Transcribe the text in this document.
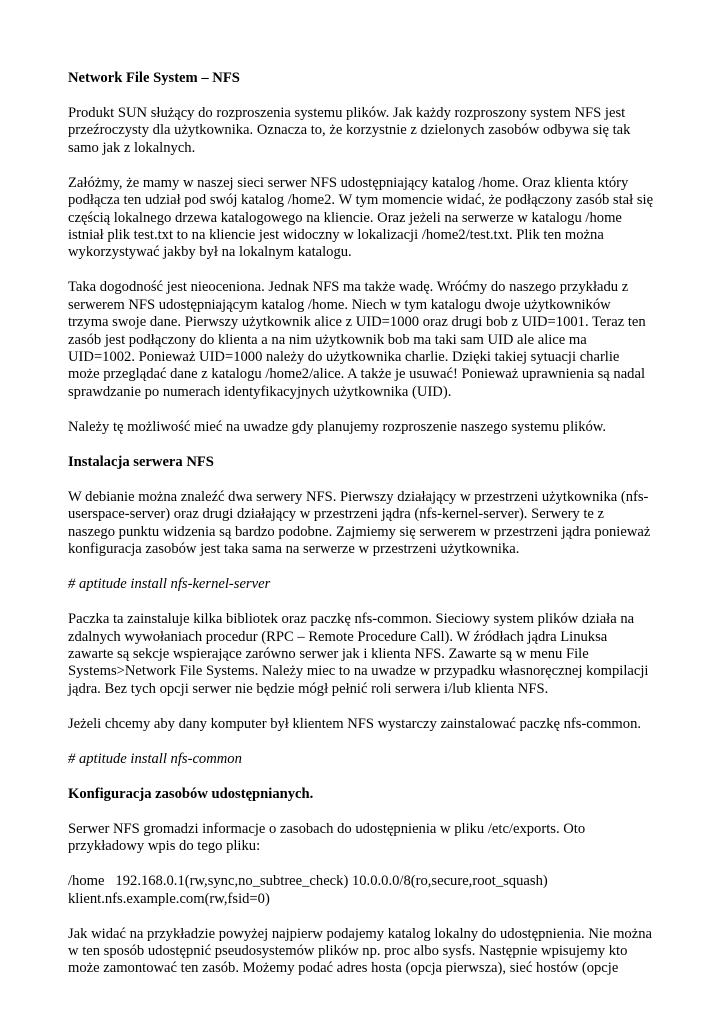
Network File System – NFS
Produkt SUN służący do rozproszenia systemu plików. Jak każdy rozproszony system NFS jest
przeźroczysty dla użytkownika. Oznacza to, że korzystnie z dzielonych zasobów odbywa się tak
samo jak z lokalnych.
Załóżmy, że mamy w naszej sieci serwer NFS udostępniający katalog /home. Oraz klienta który
podłącza ten udział pod swój katalog /home2. W tym momencie widać, że podłączony zasób stał się
częścią lokalnego drzewa katalogowego na kliencie. Oraz jeżeli na serwerze w katalogu /home
istniał plik test.txt to na kliencie jest widoczny w lokalizacji /home2/test.txt. Plik ten można
wykorzystywać jakby był na lokalnym katalogu.
Taka dogodność jest nieoceniona. Jednak NFS ma także wadę. Wróćmy do naszego przykładu z
serwerem NFS udostępniającym katalog /home. Niech w tym katalogu dwoje użytkowników
trzyma swoje dane. Pierwszy użytkownik alice z UID=1000 oraz drugi bob z UID=1001. Teraz ten
zasób jest podłączony do klienta a na nim użytkownik bob ma taki sam UID ale alice ma
UID=1002. Ponieważ UID=1000 należy do użytkownika charlie. Dzięki takiej sytuacji charlie
może przeglądać dane z katalogu /home2/alice. A także je usuwać! Ponieważ uprawnienia są nadal
sprawdzanie po numerach identyfikacyjnych użytkownika (UID).
Należy tę możliwość mieć na uwadze gdy planujemy rozproszenie naszego systemu plików.
Instalacja serwera NFS
W debianie można znaleźć dwa serwery NFS. Pierwszy działający w przestrzeni użytkownika (nfs-
userspace-server) oraz drugi działający w przestrzeni jądra (nfs-kernel-server). Serwery te z
naszego punktu widzenia są bardzo podobne. Zajmiemy się serwerem w przestrzeni jądra ponieważ
konfiguracja zasobów jest taka sama na serwerze w przestrzeni użytkownika.
# aptitude install nfs-kernel-server
Paczka ta zainstaluje kilka bibliotek oraz paczkę nfs-common. Sieciowy system plików działa na
zdalnych wywołaniach procedur (RPC – Remote Procedure Call). W źródłach jądra Linuksa
zawarte są sekcje wspierające zarówno serwer jak i klienta NFS. Zawarte są w menu File
Systems>Network File Systems. Należy miec to na uwadze w przypadku własnoręcznej kompilacji
jądra. Bez tych opcji serwer nie będzie mógł pełnić roli serwera i/lub klienta NFS.
Jeżeli chcemy aby dany komputer był klientem NFS wystarczy zainstalować paczkę nfs-common.
# aptitude install nfs-common
Konfiguracja zasobów udostępnianych.
Serwer NFS gromadzi informacje o zasobach do udostępnienia w pliku /etc/exports. Oto
przykładowy wpis do tego pliku:
/home   192.168.0.1(rw,sync,no_subtree_check) 10.0.0.0/8(ro,secure,root_squash)
klient.nfs.example.com(rw,fsid=0)
Jak widać na przykładzie powyżej najpierw podajemy katalog lokalny do udostępnienia. Nie można
w ten sposób udostępnić pseudosystemów plików np. proc albo sysfs. Następnie wpisujemy kto
może zamontować ten zasób. Możemy podać adres hosta (opcja pierwsza), sieć hostów (opcje
